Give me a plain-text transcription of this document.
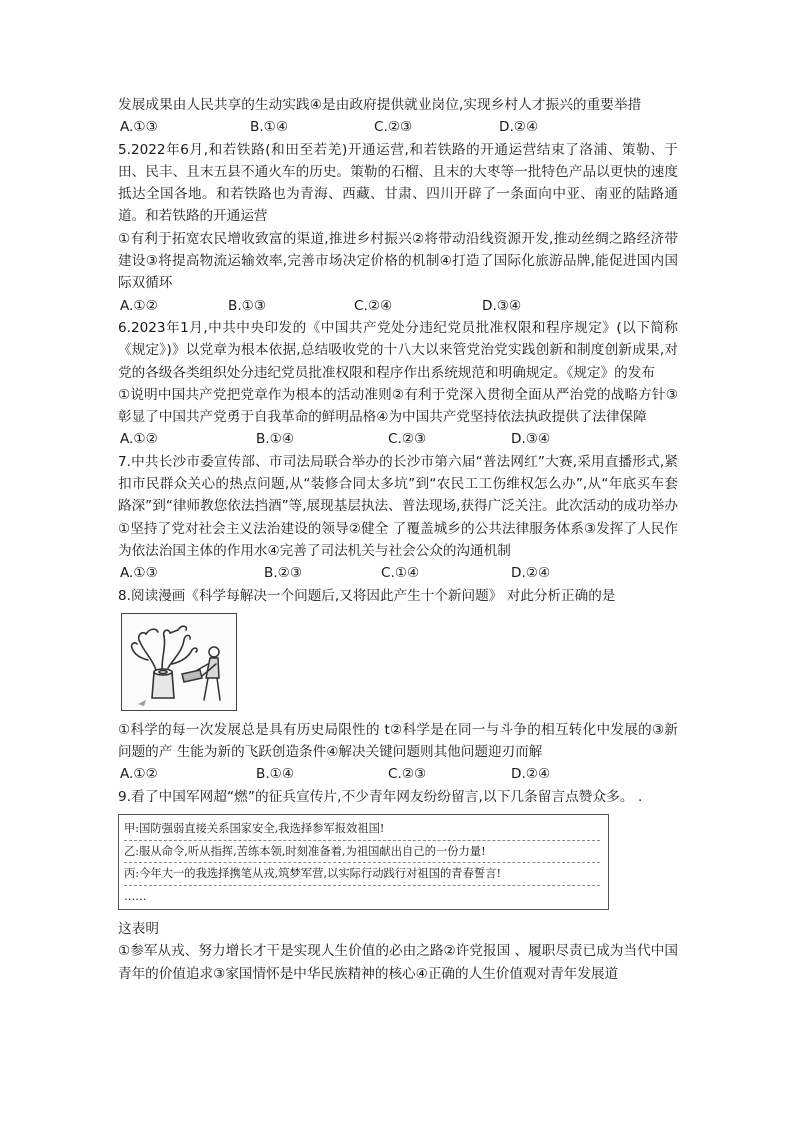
发展成果由人民共享的生动实践④是由政府提供就业岗位,实现乡村人才振兴的重要举措

A.①③	B.①④	C.②③	D.②④

5.2022年6月,和若铁路(和田至若羌)开通运营,和若铁路的开通运营结束了洛浦、策勒、于田、民丰、且末五县不通火车的历史。策勒的石榴、且末的大枣等一批特色产品以更快的速度抵达全国各地。和若铁路也为青海、西藏、甘肃、四川开辟了一条面向中亚、南亚的陆路通道。和若铁路的开通运营

①有利于拓宽农民增收致富的渠道,推进乡村振兴②将带动沿线资源开发,推动丝绸之路经济带建设③将提高物流运输效率,完善市场决定价格的机制④打造了国际化旅游品牌,能促进国内国际双循环

A.①②	B.①③	C.②④	D.③④

6.2023年1月,中共中央印发的《中国共产党处分违纪党员批准权限和程序规定》(以下简称《规定》)》以党章为根本依据,总结吸收党的十八大以来管党治党实践创新和制度创新成果,对党的各级各类组织处分违纪党员批准权限和程序作出系统规范和明确规定。《规定》的发布

①说明中国共产党把党章作为根本的活动准则②有利于党深入贯彻全面从严治党的战略方针③彰显了中国共产党勇于自我革命的鲜明品格④为中国共产党坚持依法执政提供了法律保障

A.①②	B.①④	C.②③	D.③④

7.中共长沙市委宣传部、市司法局联合举办的长沙市第六届“普法网红”大赛,采用直播形式,紧扣市民群众关心的热点问题,从“装修合同太多坑”到“农民工工伤维权怎么办”,从“年底买车套路深”到“律师教您依法挡酒”等,展现基层执法、普法现场,获得广泛关注。此次活动的成功举办

①坚持了党对社会主义法治建设的领导②健全 了覆盖城乡的公共法律服务体系③发挥了人民作为依法治国主体的作用水④完善了司法机关与社会公众的沟通机制

A.①③	B.②③	C.①④	D.②④

8.阅读漫画《科学每解决一个问题后,又将因此产生十个新问题》 对此分析正确的是

①科学的每一次发展总是具有历史局限性的 t②科学是在同一与斗争的相互转化中发展的③新问题的产 生能为新的飞跃创造条件④解决关键问题则其他问题迎刃而解

A.①②	B.①④	C.②③	D.②④

9.看了中国军网超“燃”的征兵宣传片,不少青年网友纷纷留言,以下几条留言点赞众多。 .

甲:国防强弱直接关系国家安全,我选择参军报效祖国!
乙:服从命令,听从指挥,苦练本领,时刻准备着,为祖国献出自己的一份力量!
丙:今年大一的我选择携笔从戎,筑梦军营,以实际行动践行对祖国的青春誓言!
……

这表明

①参军从戎、努力增长才干是实现人生价值的必由之路②许党报国 、履职尽责已成为当代中国青年的价值追求③家国情怀是中华民族精神的核心④正确的人生价值观对青年发展道
